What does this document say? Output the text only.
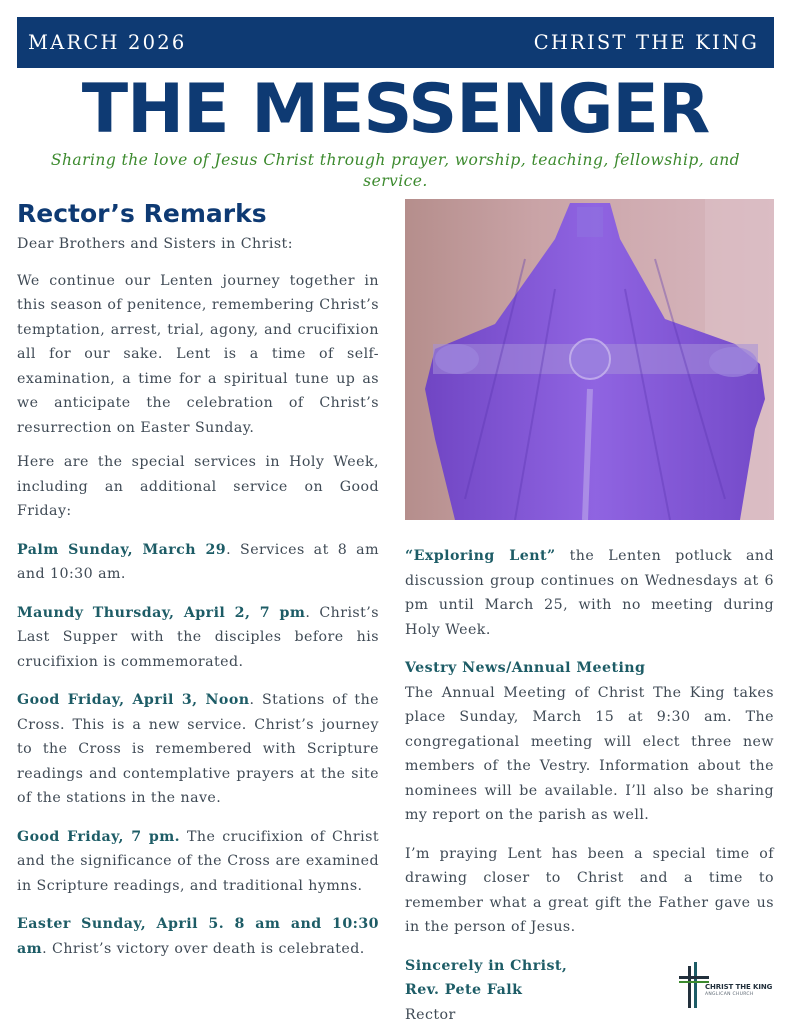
MARCH 2026	CHRIST THE KING
THE MESSENGER

Sharing the love of Jesus Christ through prayer, worship, teaching, fellowship, and service.

Rector’s Remarks

Dear Brothers and Sisters in Christ:

We continue our Lenten journey together in this season of penitence, remembering Christ’s temptation, arrest, trial, agony, and crucifixion all for our sake. Lent is a time of self-examination, a time for a spiritual tune up as we anticipate the celebration of Christ’s resurrection on Easter Sunday.

Here are the special services in Holy Week, including an additional service on Good Friday:

Palm Sunday, March 29. Services at 8 am and 10:30 am.

Maundy Thursday, April 2, 7 pm. Christ’s Last Supper with the disciples before his crucifixion is commemorated.

Good Friday, April 3, Noon. Stations of the Cross. This is a new service. Christ’s journey to the Cross is remembered with Scripture readings and contemplative prayers at the site of the stations in the nave.

Good Friday, 7 pm. The crucifixion of Christ and the significance of the Cross are examined in Scripture readings, and traditional hymns.

Easter Sunday, April 5. 8 am and 10:30 am. Christ’s victory over death is celebrated.

“Exploring Lent” the Lenten potluck and discussion group continues on Wednesdays at 6 pm until March 25, with no meeting during Holy Week.

Vestry News/Annual Meeting

The Annual Meeting of Christ The King takes place Sunday, March 15 at 9:30 am. The congregational meeting will elect three new members of the Vestry. Information about the nominees will be available. I’ll also be sharing my report on the parish as well.

I’m praying Lent has been a special time of drawing closer to Christ and a time to remember what a great gift the Father gave us in the person of Jesus.

Sincerely in Christ,

Rev. Pete Falk

Rector

CHRIST THE KING
ANGLICAN CHURCH
